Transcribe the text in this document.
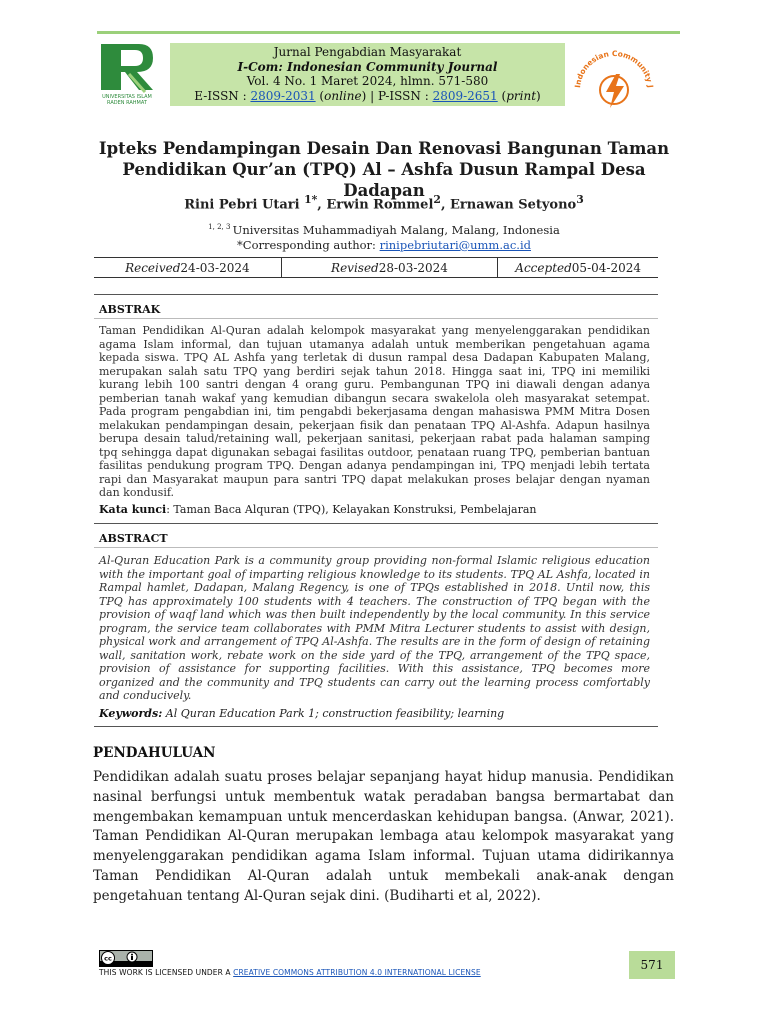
UNIVERSITAS ISLAM
RADEN RAHMAT
Jurnal Pengabdian Masyarakat
I-Com: Indonesian Community Journal
Vol. 4 No. 1 Maret 2024, hlmn. 571-580
E-ISSN : 2809-2031 (online) | P-ISSN : 2809-2651 (print)
Indonesian Community J
Ipteks Pendampingan Desain Dan Renovasi Bangunan Taman Pendidikan Qur’an (TPQ) Al – Ashfa Dusun Rampal Desa Dadapan
Rini Pebri Utari $^{1*}$, Erwin Rommel$^2$, Ernawan Setyono$^3$
$^{1, 2, 3}$ Universitas Muhammadiyah Malang, Malang, Indonesia
*Corresponding author: rinipebriutari@umm.ac.id
Received 24-03-2024	Revised 28-03-2024	Accepted 05-04-2024
ABSTRAK
Taman Pendidikan Al-Quran adalah kelompok masyarakat yang menyelenggarakan pendidikan agama Islam informal, dan tujuan utamanya adalah untuk memberikan pengetahuan agama kepada siswa. TPQ AL Ashfa yang terletak di dusun rampal desa Dadapan Kabupaten Malang, merupakan salah satu TPQ yang berdiri sejak tahun 2018. Hingga saat ini, TPQ ini memiliki kurang lebih 100 santri dengan 4 orang guru. Pembangunan TPQ ini diawali dengan adanya pemberian tanah wakaf yang kemudian dibangun secara swakelola oleh masyarakat setempat. Pada program pengabdian ini, tim pengabdi bekerjasama dengan mahasiswa PMM Mitra Dosen melakukan pendampingan desain, pekerjaan fisik dan penataan TPQ Al-Ashfa. Adapun hasilnya berupa desain talud/retaining wall, pekerjaan sanitasi, pekerjaan rabat pada halaman samping tpq sehingga dapat digunakan sebagai fasilitas outdoor, penataan ruang TPQ, pemberian bantuan fasilitas pendukung program TPQ. Dengan adanya pendampingan ini, TPQ menjadi lebih tertata rapi dan Masyarakat maupun para santri TPQ dapat melakukan proses belajar dengan nyaman dan kondusif.
Kata kunci: Taman Baca Alquran (TPQ), Kelayakan Konstruksi, Pembelajaran
ABSTRACT
Al-Quran Education Park is a community group providing non-formal Islamic religious education with the important goal of imparting religious knowledge to its students. TPQ AL Ashfa, located in Rampal hamlet, Dadapan, Malang Regency, is one of TPQs established in 2018. Until now, this TPQ has approximately 100 students with 4 teachers. The construction of TPQ began with the provision of waqf land which was then built independently by the local community. In this service program, the service team collaborates with PMM Mitra Lecturer students to assist with design, physical work and arrangement of TPQ Al-Ashfa. The results are in the form of design of retaining wall, sanitation work, rebate work on the side yard of the TPQ, arrangement of the TPQ space, provision of assistance for supporting facilities. With this assistance, TPQ becomes more organized and the community and TPQ students can carry out the learning process comfortably and conducively.
Keywords: Al Quran Education Park 1; construction feasibility; learning
PENDAHULUAN
Pendidikan adalah suatu proses belajar sepanjang hayat hidup manusia. Pendidikan nasinal berfungsi untuk membentuk watak peradaban bangsa bermartabat dan mengembakan kemampuan untuk mencerdaskan kehidupan bangsa. (Anwar, 2021). Taman Pendidikan Al-Quran merupakan lembaga atau kelompok masyarakat yang menyelenggarakan pendidikan agama Islam informal. Tujuan utama didirikannya Taman Pendidikan Al-Quran adalah untuk membekali anak-anak dengan pengetahuan tentang Al-Quran sejak dini. (Budiharti et al, 2022).
cc
THIS WORK IS LICENSED UNDER A CREATIVE COMMONS ATTRIBUTION 4.0 INTERNATIONAL LICENSE
571
